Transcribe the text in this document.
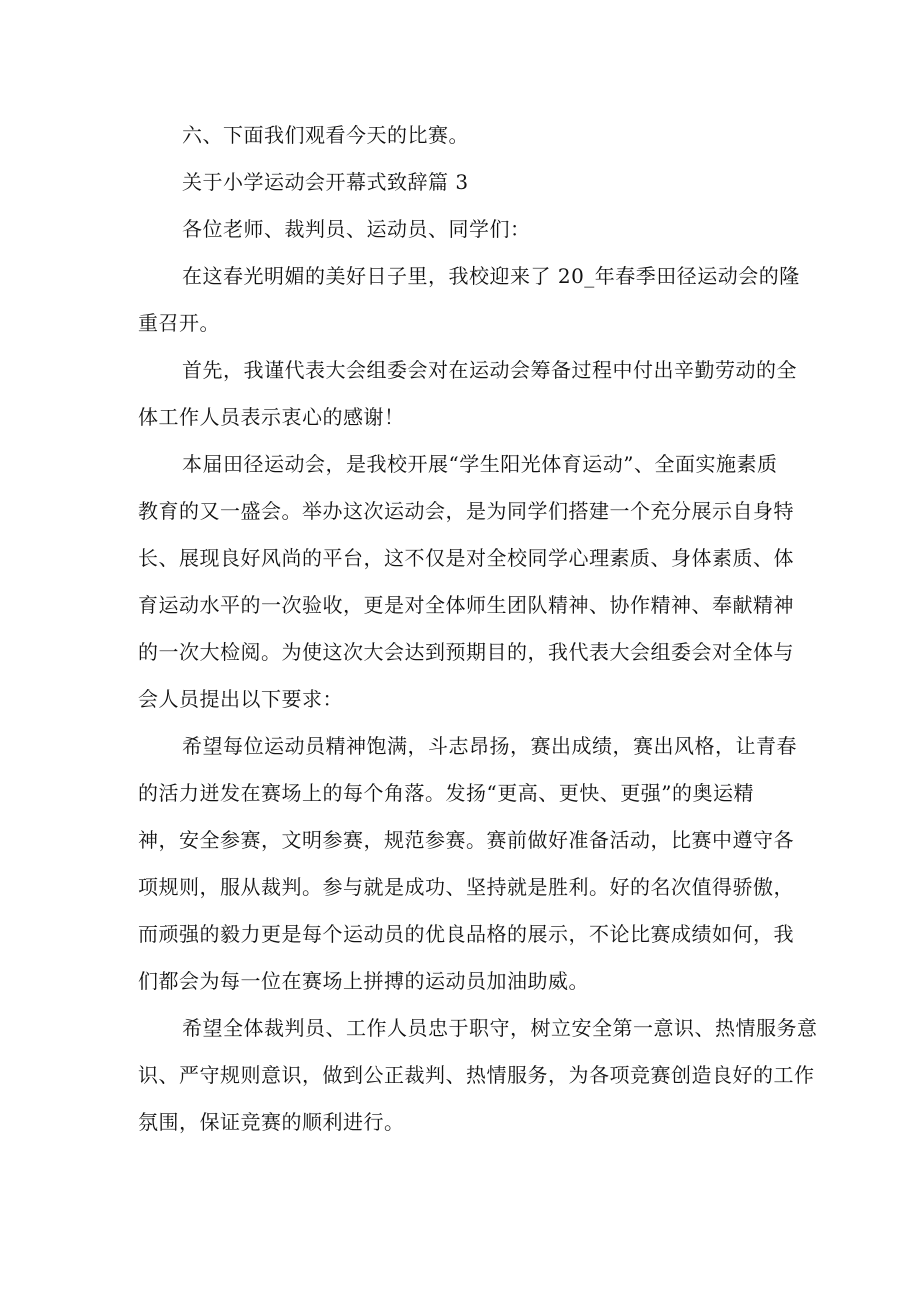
六、下面我们观看今天的比赛。
关于小学运动会开幕式致辞篇 3
各位老师、裁判员、运动员、同学们：
在这春光明媚的美好日子里，我校迎来了 20_年春季田径运动会的隆
重召开。
首先，我谨代表大会组委会对在运动会筹备过程中付出辛勤劳动的全
体工作人员表示衷心的感谢！
本届田径运动会，是我校开展“学生阳光体育运动”、全面实施素质
教育的又一盛会。举办这次运动会，是为同学们搭建一个充分展示自身特
长、展现良好风尚的平台，这不仅是对全校同学心理素质、身体素质、体
育运动水平的一次验收，更是对全体师生团队精神、协作精神、奉献精神
的一次大检阅。为使这次大会达到预期目的，我代表大会组委会对全体与
会人员提出以下要求：
希望每位运动员精神饱满，斗志昂扬，赛出成绩，赛出风格，让青春
的活力迸发在赛场上的每个角落。发扬“更高、更快、更强”的奥运精
神，安全参赛，文明参赛，规范参赛。赛前做好准备活动，比赛中遵守各
项规则，服从裁判。参与就是成功、坚持就是胜利。好的名次值得骄傲，
而顽强的毅力更是每个运动员的优良品格的展示，不论比赛成绩如何，我
们都会为每一位在赛场上拼搏的运动员加油助威。
希望全体裁判员、工作人员忠于职守，树立安全第一意识、热情服务意
识、严守规则意识，做到公正裁判、热情服务，为各项竞赛创造良好的工作
氛围，保证竞赛的顺利进行。
